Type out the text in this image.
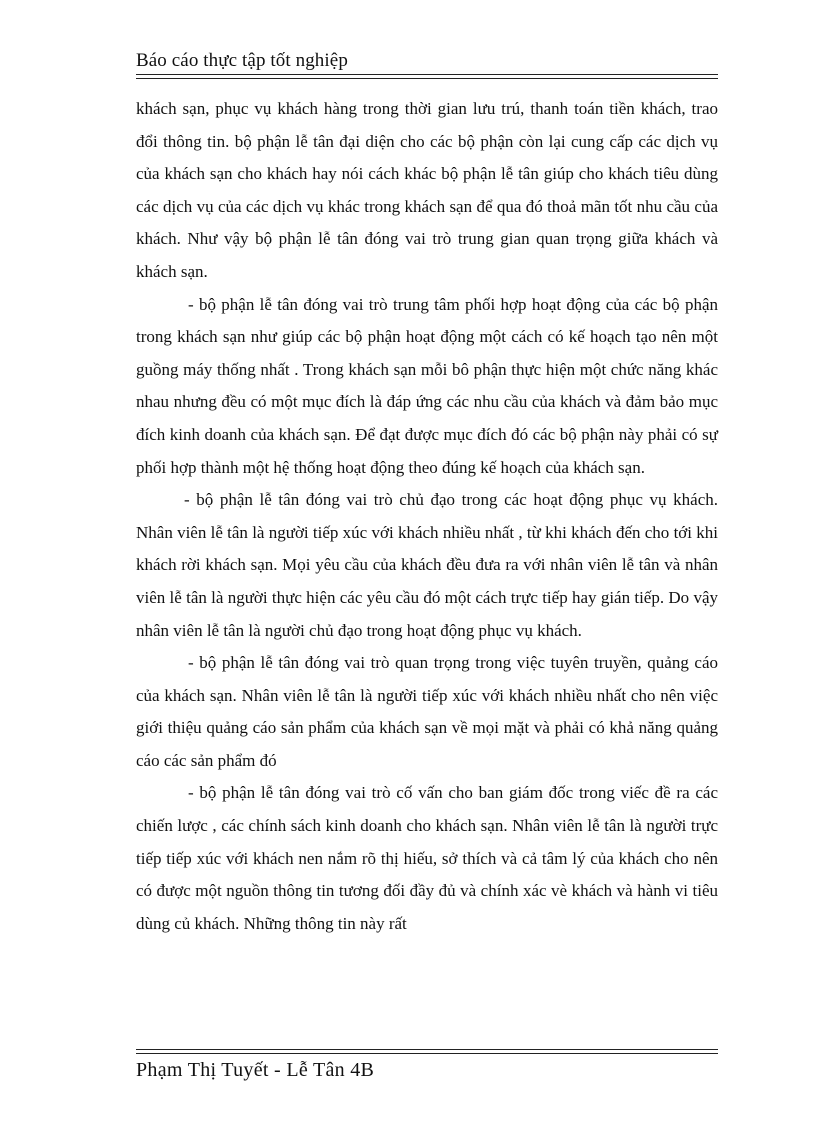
Báo cáo thực tập tốt nghiệp

khách sạn, phục vụ khách hàng trong thời gian lưu trú, thanh toán tiền khách, trao đổi thông tin. bộ phận lễ tân đại diện cho các bộ phận còn lại cung cấp các dịch vụ của khách sạn cho khách hay nói cách khác bộ phận lễ tân giúp cho khách tiêu dùng các dịch vụ của các dịch vụ khác trong khách sạn để qua đó thoả mãn tốt nhu cầu của khách. Như vậy bộ phận lễ tân đóng vai trò trung gian quan trọng giữa khách và khách sạn.

- bộ phận lễ tân đóng vai trò trung tâm phối hợp hoạt động của các bộ phận trong khách sạn như giúp các bộ phận hoạt động một cách có kế hoạch tạo nên một guồng máy thống nhất . Trong khách sạn mỗi bô phận thực hiện một chức năng khác nhau nhưng đều có một mục đích là đáp ứng các nhu cầu của khách và đảm bảo mục đích kinh doanh của khách sạn. Để đạt được mục đích đó các bộ phận này phải có sự phối hợp thành một hệ thống hoạt động theo đúng kế hoạch của khách sạn.

- bộ phận lễ tân đóng vai trò chủ đạo trong các hoạt động phục vụ khách. Nhân viên lễ tân là người tiếp xúc với khách nhiều nhất , từ khi khách đến cho tới khi khách rời khách sạn. Mọi yêu cầu của khách đều đưa ra với nhân viên lễ tân và nhân viên lễ tân là người thực hiện các yêu cầu đó một cách trực tiếp hay gián tiếp. Do vậy nhân viên lễ tân là người chủ đạo trong hoạt động phục vụ khách.

- bộ phận lễ tân đóng vai trò quan trọng trong việc tuyên truyền, quảng cáo của khách sạn. Nhân viên lễ tân là người tiếp xúc với khách nhiều nhất cho nên việc giới thiệu quảng cáo sản phẩm của khách sạn về mọi mặt và phải có khả năng quảng cáo các sản phẩm đó

- bộ phận lễ tân đóng vai trò cố vấn cho ban giám đốc trong viếc đề ra các chiến lược , các chính sách kinh doanh cho khách sạn. Nhân viên lễ tân là người trực tiếp tiếp xúc với khách nen nắm rõ thị hiếu, sở thích và cả tâm lý của khách cho nên có được một nguồn thông tin tương đối đầy đủ và chính xác vè khách và hành vi tiêu dùng củ khách. Những thông tin này rất

Phạm Thị Tuyết - Lễ Tân 4B
